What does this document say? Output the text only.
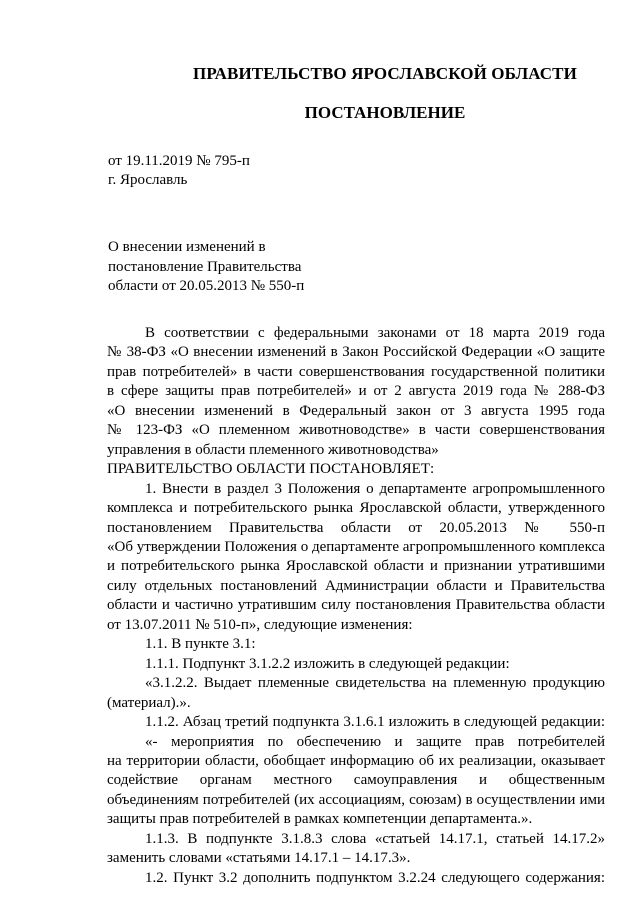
ПРАВИТЕЛЬСТВО ЯРОСЛАВСКОЙ ОБЛАСТИ
ПОСТАНОВЛЕНИЕ
от 19.11.2019 № 795-п
г. Ярославль
О внесении изменений в
постановление Правительства
области от 20.05.2013 № 550-п

В соответствии с федеральными законами от 18 марта 2019 года

№ 38-ФЗ «О внесении изменений в Закон Российской Федерации «О защите

прав потребителей» в части совершенствования государственной политики

в сфере защиты прав потребителей» и от 2 августа 2019 года № 288-ФЗ

«О внесении изменений в Федеральный закон от 3 августа 1995 года

№ 123-ФЗ «О племенном животноводстве» в части совершенствования

управления в области племенного животноводства»

ПРАВИТЕЛЬСТВО ОБЛАСТИ ПОСТАНОВЛЯЕТ:

1. Внести в раздел 3 Положения о департаменте агропромышленного

комплекса и потребительского рынка Ярославской области, утвержденного

постановлением Правительства области от 20.05.2013 № 550-п

«Об утверждении Положения о департаменте агропромышленного комплекса

и потребительского рынка Ярославской области и признании утратившими

силу отдельных постановлений Администрации области и Правительства

области и частично утратившим силу постановления Правительства области

от 13.07.2011 № 510-п», следующие изменения:

1.1. В пункте 3.1:

1.1.1. Подпункт 3.1.2.2 изложить в следующей редакции:

«3.1.2.2. Выдает племенные свидетельства на племенную продукцию

(материал).».

1.1.2. Абзац третий подпункта 3.1.6.1 изложить в следующей редакции:

«- мероприятия по обеспечению и защите прав потребителей

на территории области, обобщает информацию об их реализации, оказывает

содействие органам местного самоуправления и общественным

объединениям потребителей (их ассоциациям, союзам) в осуществлении ими

защиты прав потребителей в рамках компетенции департамента.».

1.1.3. В подпункте 3.1.8.3 слова «статьей 14.17.1, статьей 14.17.2»

заменить словами «статьями 14.17.1 – 14.17.3».

1.2. Пункт 3.2 дополнить подпунктом 3.2.24 следующего содержания:
